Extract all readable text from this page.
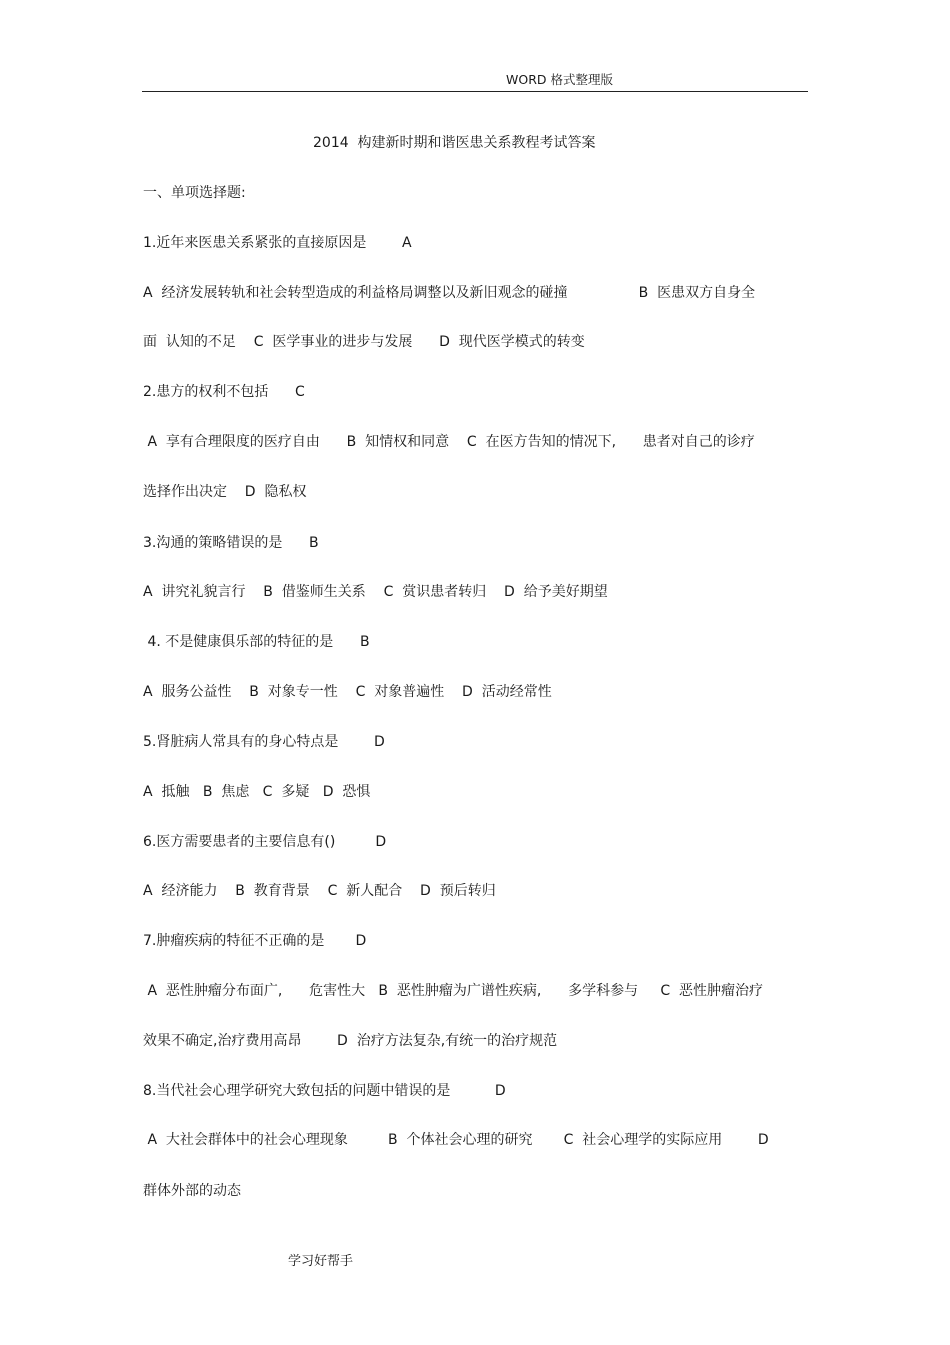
WORD 格式整理版
2014  构建新时期和谐医患关系教程考试答案
一、单项选择题:
1.近年来医患关系紧张的直接原因是        A
A  经济发展转轨和社会转型造成的利益格局调整以及新旧观念的碰撞                B  医患双方自身全
面  认知的不足    C  医学事业的进步与发展      D  现代医学模式的转变
2.患方的权利不包括      C
A  享有合理限度的医疗自由      B  知情权和同意    C  在医方告知的情况下,      患者对自己的诊疗
选择作出决定    D  隐私权
3.沟通的策略错误的是      B
A  讲究礼貌言行    B  借鉴师生关系    C  赏识患者转归    D  给予美好期望
4. 不是健康俱乐部的特征的是      B
A  服务公益性    B  对象专一性    C  对象普遍性    D  活动经常性
5.肾脏病人常具有的身心特点是        D
A  抵触   B  焦虑   C  多疑   D  恐惧
6.医方需要患者的主要信息有()         D
A  经济能力    B  教育背景    C  新人配合    D  预后转归
7.肿瘤疾病的特征不正确的是       D
A  恶性肿瘤分布面广,      危害性大   B  恶性肿瘤为广谱性疾病,      多学科参与     C  恶性肿瘤治疗
效果不确定,治疗费用高昂        D  治疗方法复杂,有统一的治疗规范
8.当代社会心理学研究大致包括的问题中错误的是          D
A  大社会群体中的社会心理现象         B  个体社会心理的研究       C  社会心理学的实际应用        D
群体外部的动态
学习好帮手
